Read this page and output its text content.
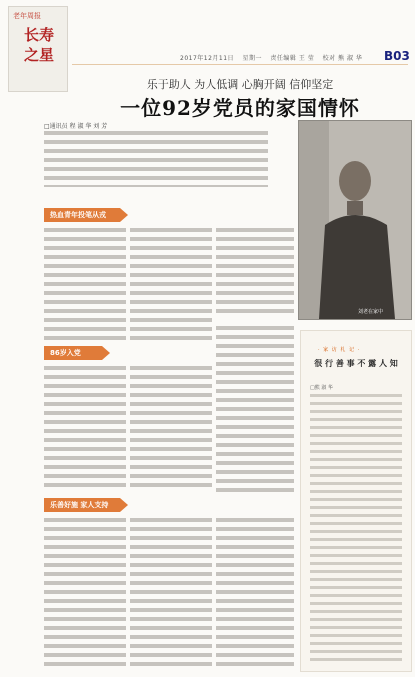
老年周报
长寿之星	2017年12月11日 星期一 责任编辑 王 莹 校对 熊 淑 华	B03
乐于助人 为人低调 心胸开阔 信仰坚定
一位92岁党员的家国情怀
□通讯员 程 淑 华 刘 芳
刘老在家中
热血青年投笔从戎
86岁入党
乐善好施 家人支持
· 家 访 札 记 ·
很 行 善 事 不 露 人 知
□熊 淑 华
